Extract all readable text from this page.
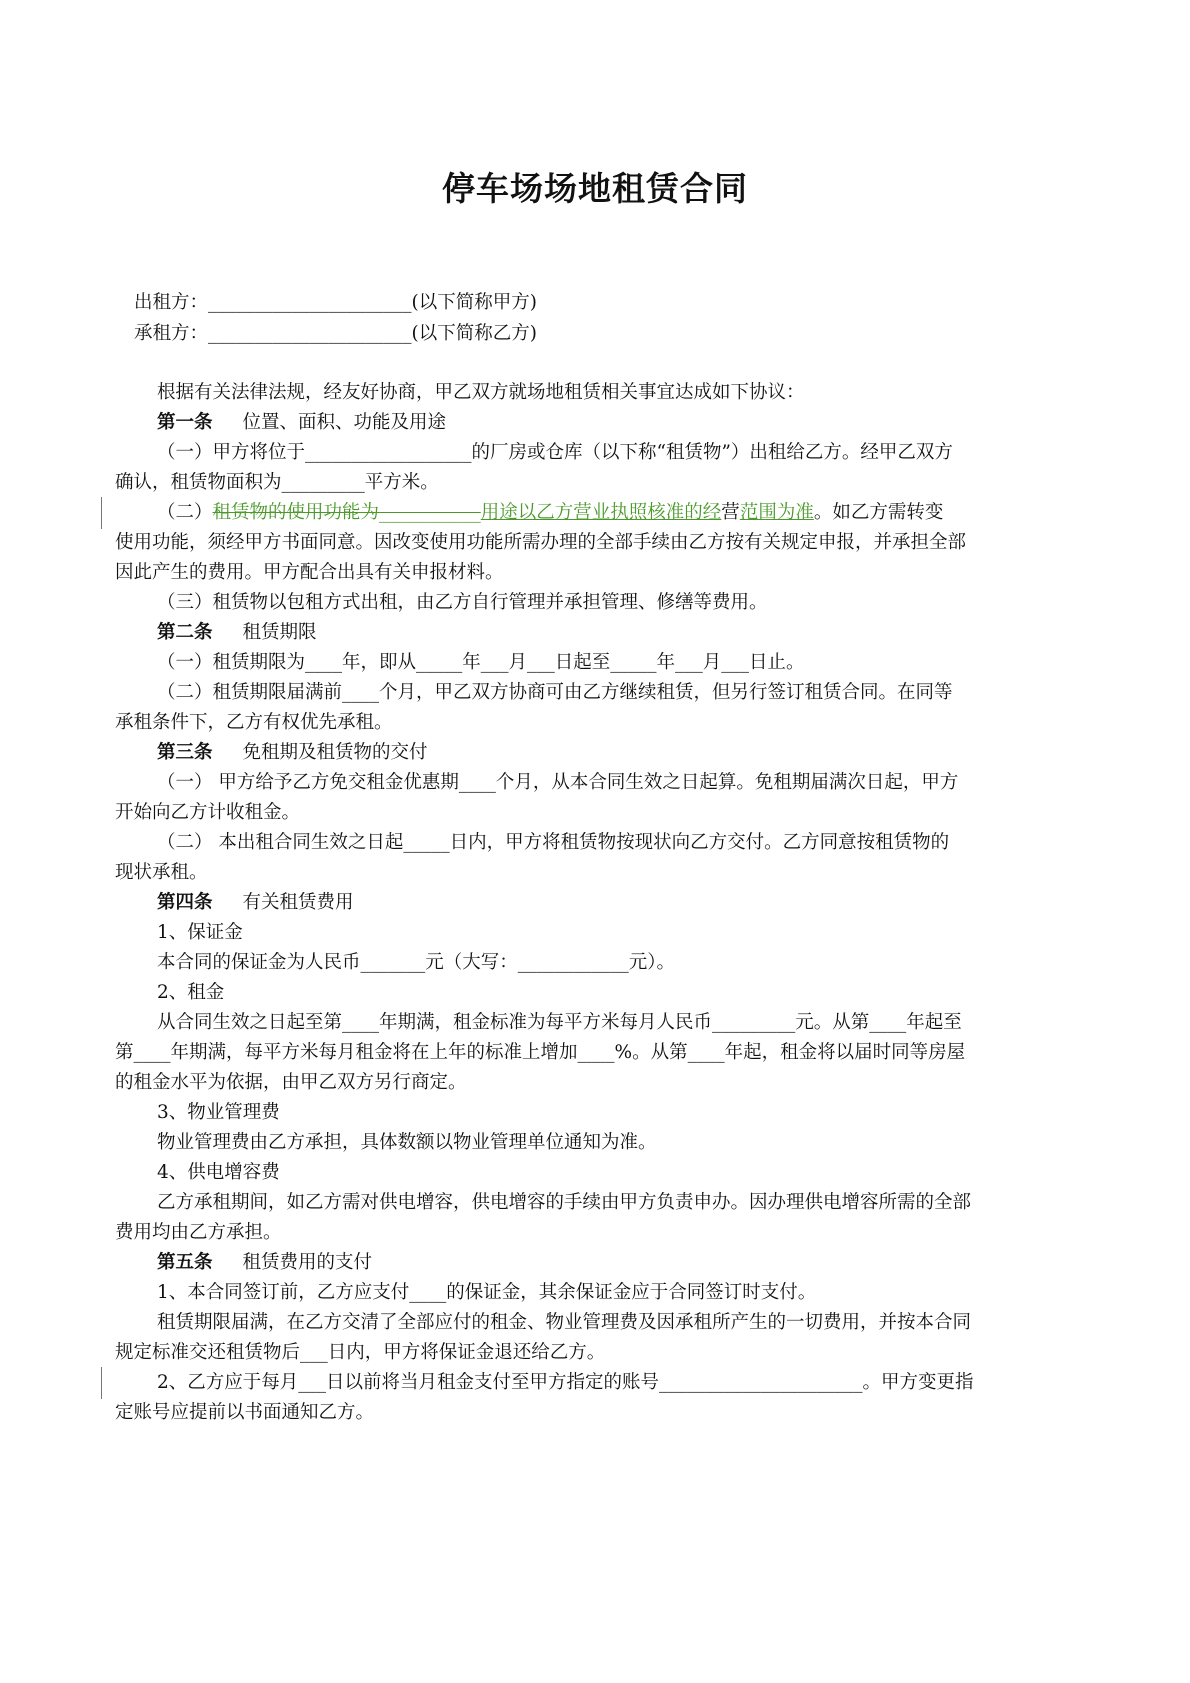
停车场场地租赁合同
出租方：______________________(以下简称甲方)
承租方：______________________(以下简称乙方)
根据有关法律法规，经友好协商，甲乙双方就场地租赁相关事宜达成如下协议：
第一条 位置、面积、功能及用途
（一）甲方将位于__________________的厂房或仓库（以下称“租赁物”）出租给乙方。经甲乙双方
确认，租赁物面积为_________平方米。
（二）租赁物的使用功能为___________用途以乙方营业执照核准的经营范围为准。如乙方需转变
使用功能，须经甲方书面同意。因改变使用功能所需办理的全部手续由乙方按有关规定申报，并承担全部
因此产生的费用。甲方配合出具有关申报材料。
（三）租赁物以包租方式出租，由乙方自行管理并承担管理、修缮等费用。
第二条 租赁期限
（一）租赁期限为____年，即从_____年___月___日起至_____年___月___日止。
（二）租赁期限届满前____个月，甲乙双方协商可由乙方继续租赁，但另行签订租赁合同。在同等
承租条件下，乙方有权优先承租。
第三条 免租期及租赁物的交付
（一） 甲方给予乙方免交租金优惠期____个月，从本合同生效之日起算。免租期届满次日起，甲方
开始向乙方计收租金。
（二） 本出租合同生效之日起_____日内，甲方将租赁物按现状向乙方交付。乙方同意按租赁物的
现状承租。
第四条 有关租赁费用
1、保证金
本合同的保证金为人民币_______元（大写：____________元）。
2、租金
从合同生效之日起至第____年期满，租金标准为每平方米每月人民币_________元。从第____年起至
第____年期满，每平方米每月租金将在上年的标准上增加____%。从第____年起，租金将以届时同等房屋
的租金水平为依据，由甲乙双方另行商定。
3、物业管理费
物业管理费由乙方承担，具体数额以物业管理单位通知为准。
4、供电增容费
乙方承租期间，如乙方需对供电增容，供电增容的手续由甲方负责申办。因办理供电增容所需的全部
费用均由乙方承担。
第五条 租赁费用的支付
1、本合同签订前，乙方应支付____的保证金，其余保证金应于合同签订时支付。
租赁期限届满，在乙方交清了全部应付的租金、物业管理费及因承租所产生的一切费用，并按本合同
规定标准交还租赁物后___日内，甲方将保证金退还给乙方。
2、乙方应于每月___日以前将当月租金支付至甲方指定的账号______________________。甲方变更指
定账号应提前以书面通知乙方。
